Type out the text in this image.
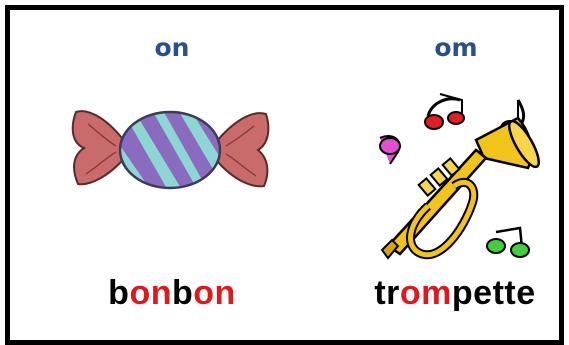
on
bonbon
om
trompette
